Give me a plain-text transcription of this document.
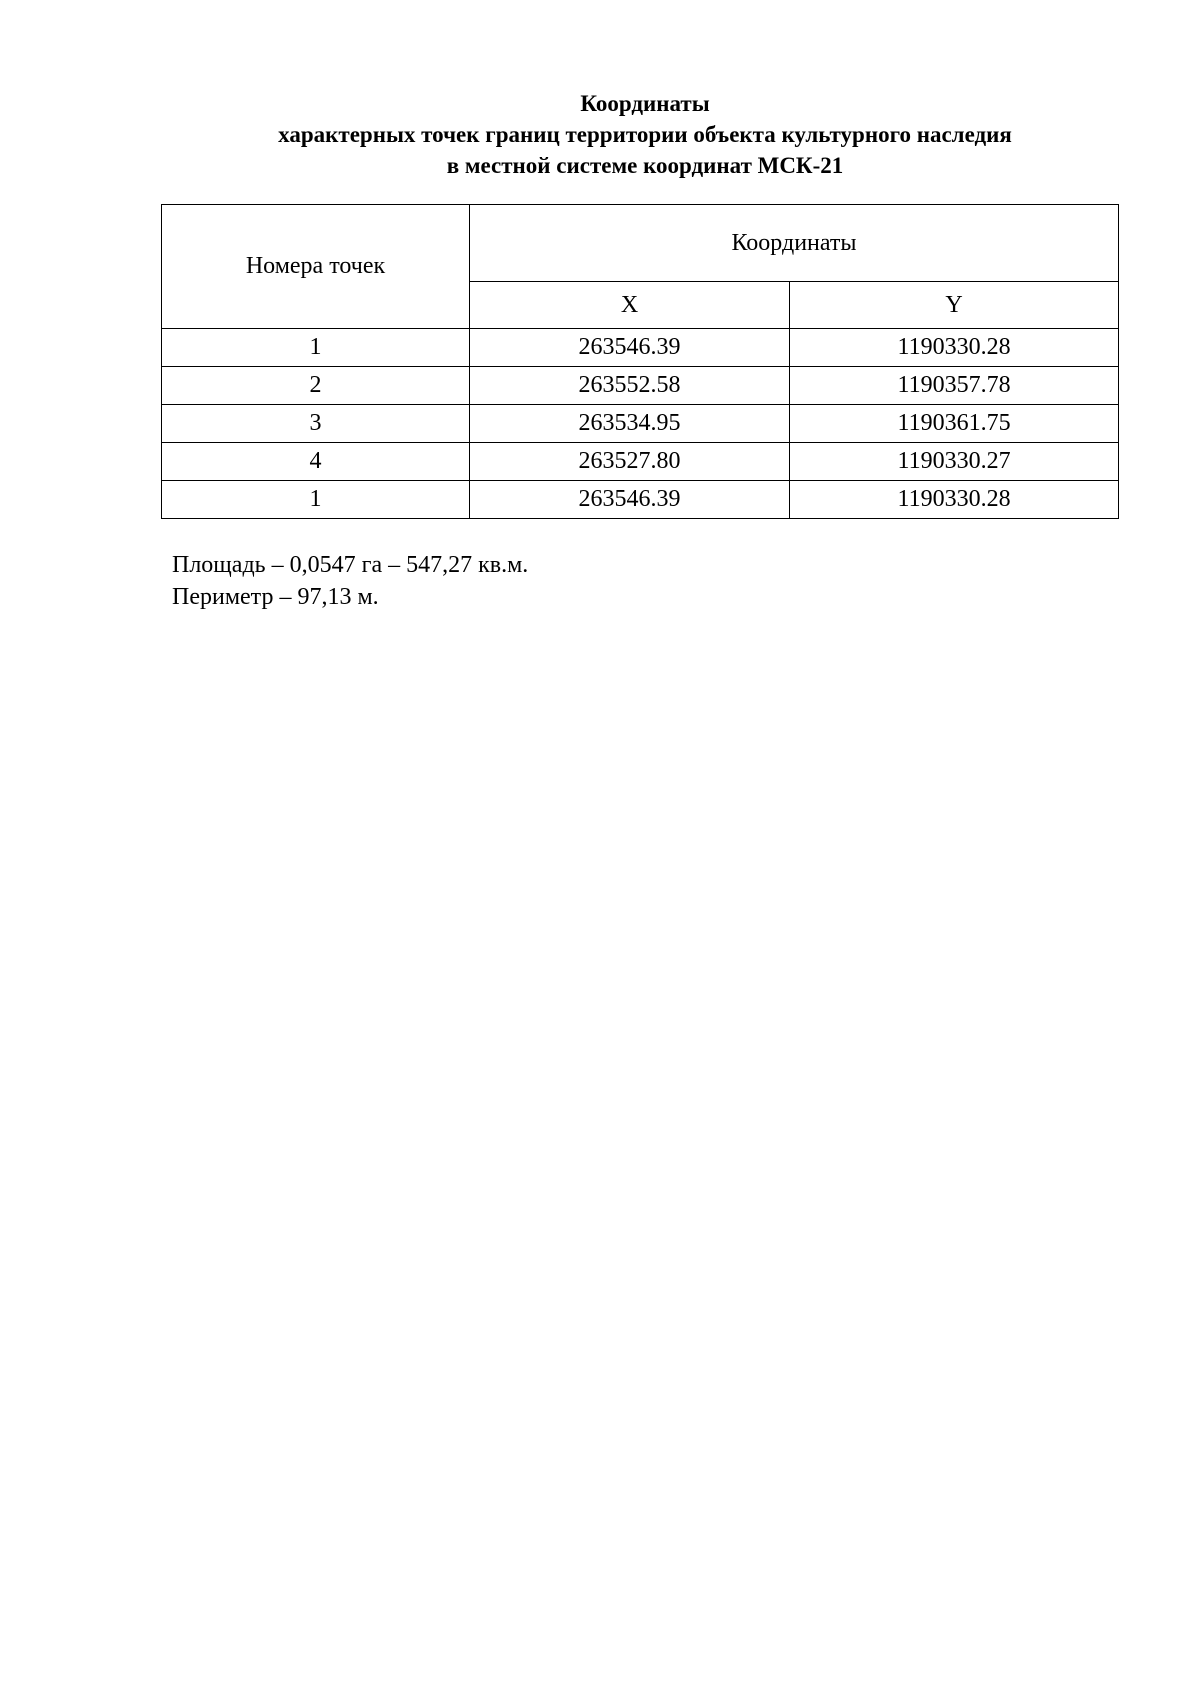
Координаты
характерных точек границ территории объекта культурного наследия
в местной системе координат МСК-21
Номера точек	Координаты	
	X	Y
1	263546.39	1190330.28
2	263552.58	1190357.78
3	263534.95	1190361.75
4	263527.80	1190330.27
1	263546.39	1190330.28
Площадь – 0,0547 га – 547,27 кв.м.
Периметр – 97,13 м.
